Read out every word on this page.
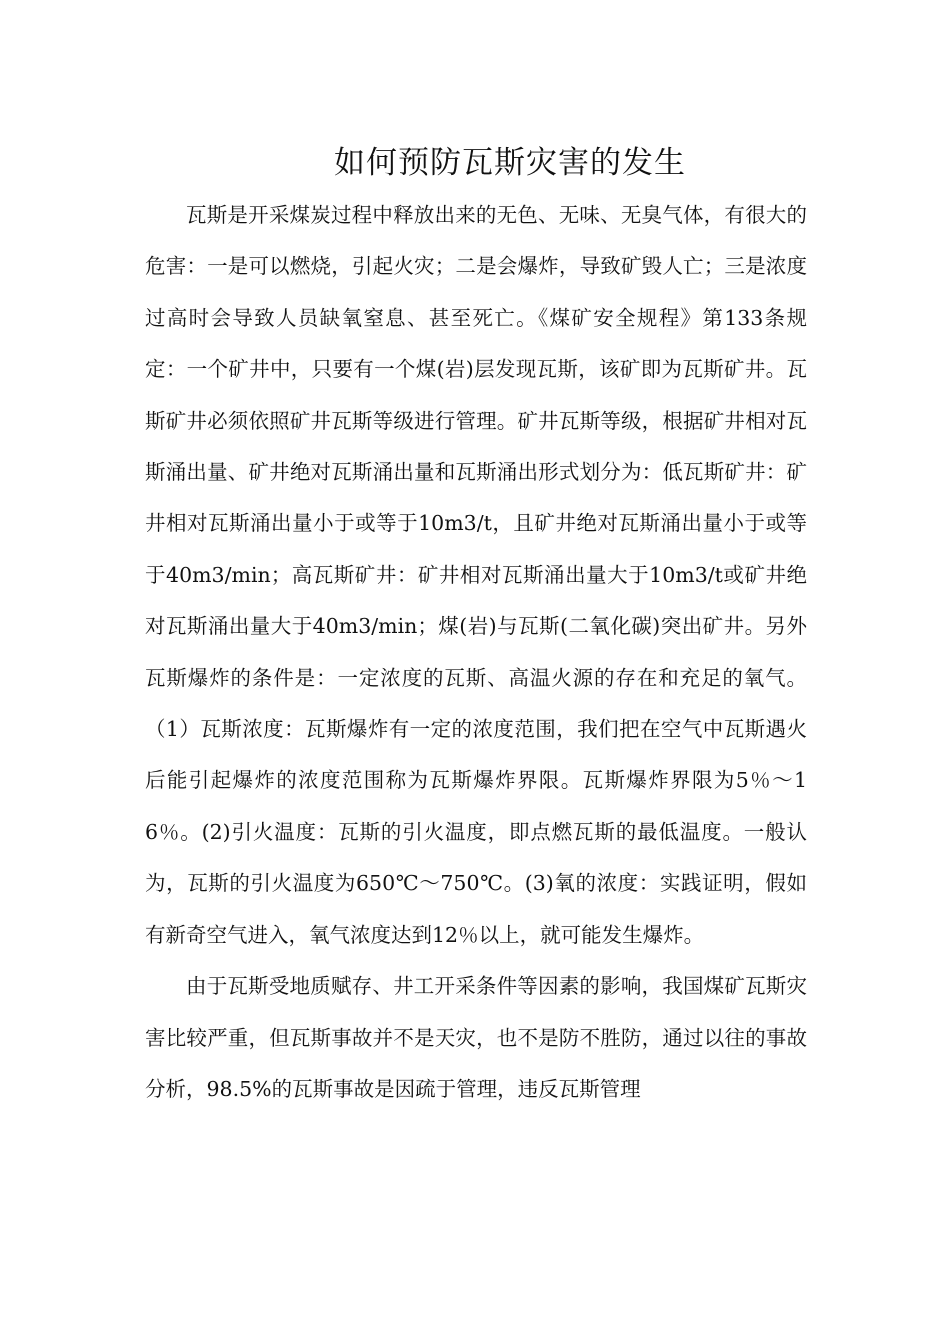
如何预防瓦斯灾害的发生

瓦斯是开采煤炭过程中释放出来的无色、无味、无臭气体，有很大的危害：一是可以燃烧，引起火灾；二是会爆炸，导致矿毁人亡；三是浓度过高时会导致人员缺氧窒息、甚至死亡。《煤矿安全规程》第133条规定：一个矿井中，只要有一个煤(岩)层发现瓦斯，该矿即为瓦斯矿井。瓦斯矿井必须依照矿井瓦斯等级进行管理。矿井瓦斯等级，根据矿井相对瓦斯涌出量、矿井绝对瓦斯涌出量和瓦斯涌出形式划分为：低瓦斯矿井：矿井相对瓦斯涌出量小于或等于10m3/t，且矿井绝对瓦斯涌出量小于或等于40m3/min；高瓦斯矿井：矿井相对瓦斯涌出量大于10m3/t或矿井绝对瓦斯涌出量大于40m3/min；煤(岩)与瓦斯(二氧化碳)突出矿井。另外瓦斯爆炸的条件是：一定浓度的瓦斯、高温火源的存在和充足的氧气。（1）瓦斯浓度：瓦斯爆炸有一定的浓度范围，我们把在空气中瓦斯遇火后能引起爆炸的浓度范围称为瓦斯爆炸界限。瓦斯爆炸界限为5％～16％。(2)引火温度：瓦斯的引火温度，即点燃瓦斯的最低温度。一般认为，瓦斯的引火温度为650℃～750℃。(3)氧的浓度：实践证明，假如有新奇空气进入，氧气浓度达到12％以上，就可能发生爆炸。

由于瓦斯受地质赋存、井工开采条件等因素的影响，我国煤矿瓦斯灾害比较严重，但瓦斯事故并不是天灾，也不是防不胜防，通过以往的事故分析，98.5%的瓦斯事故是因疏于管理，违反瓦斯管理
